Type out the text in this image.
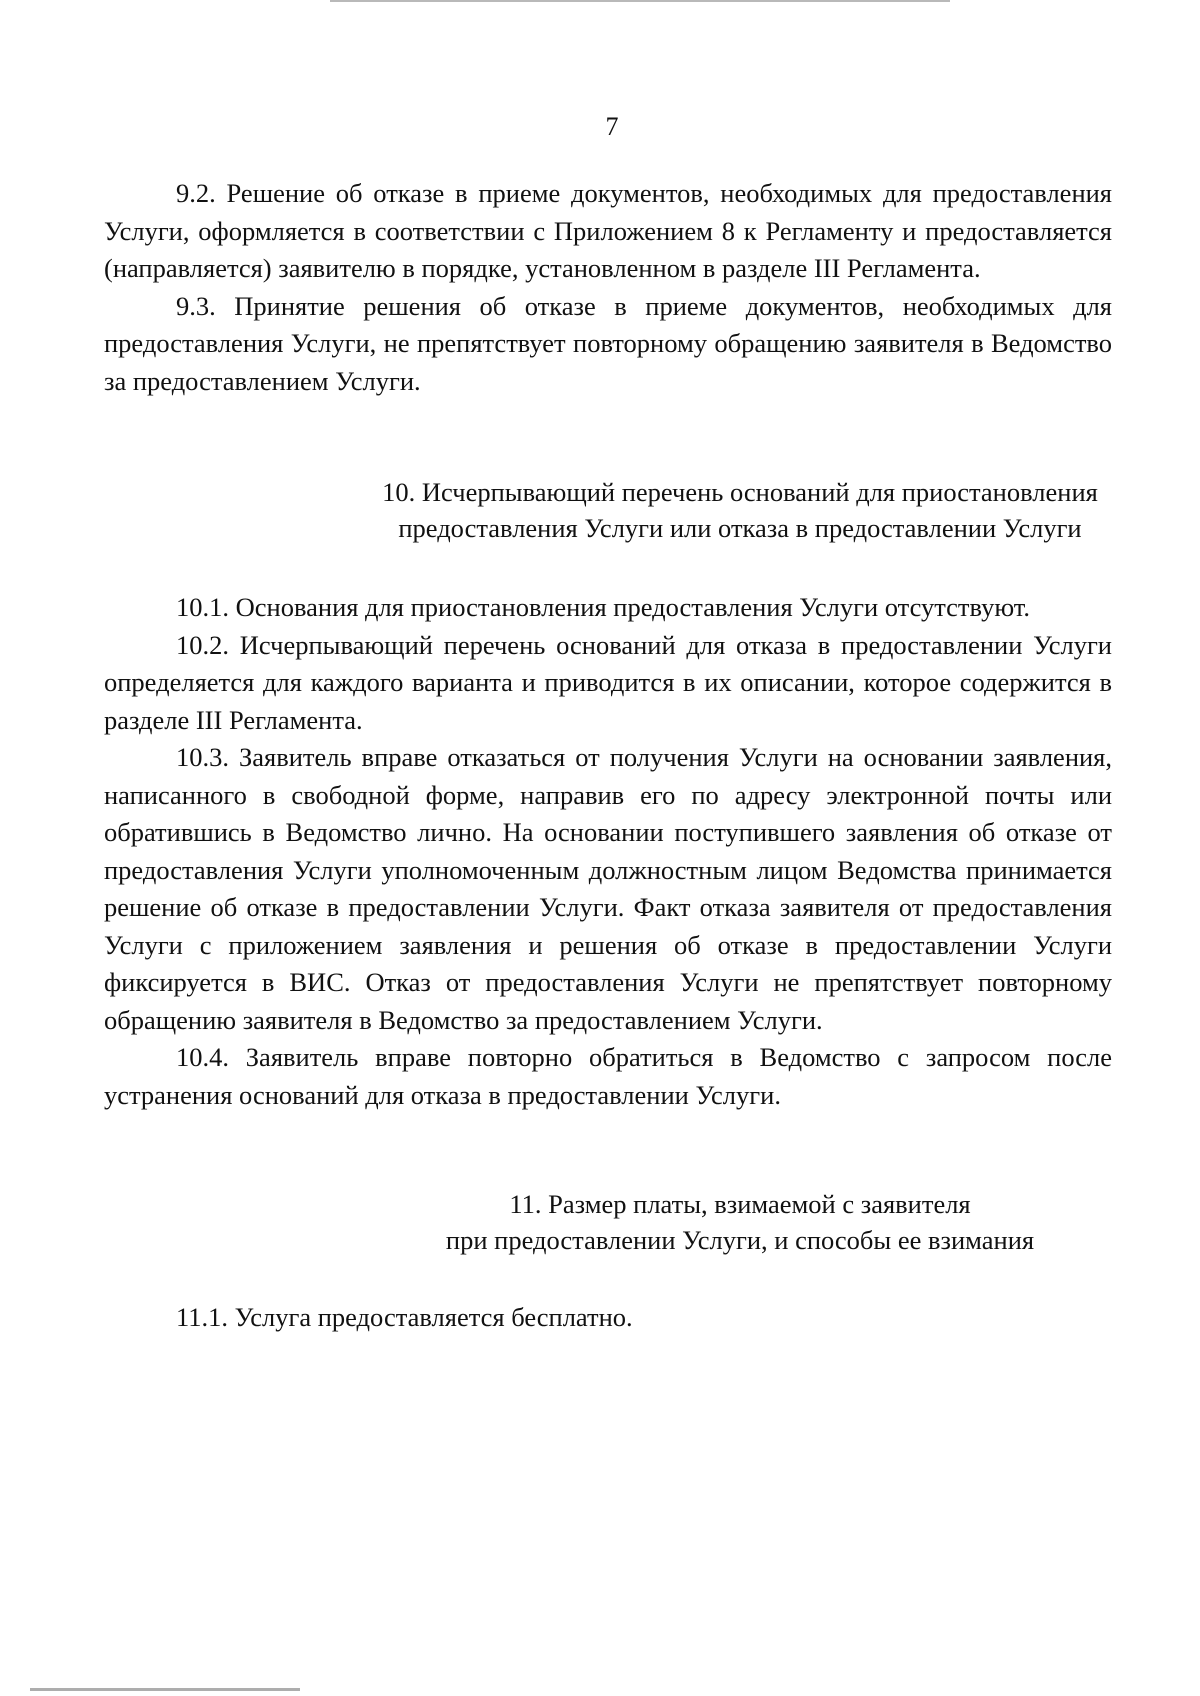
7

9.2. Решение об отказе в приеме документов, необходимых для предоставления Услуги, оформляется в соответствии с Приложением 8 к Регламенту и предоставляется (направляется) заявителю в порядке, установленном в разделе III Регламента.

9.3. Принятие решения об отказе в приеме документов, необходимых для предоставления Услуги, не препятствует повторному обращению заявителя в Ведомство за предоставлением Услуги.

10. Исчерпывающий перечень оснований для приостановления
предоставления Услуги или отказа в предоставлении Услуги

10.1. Основания для приостановления предоставления Услуги отсутствуют.

10.2. Исчерпывающий перечень оснований для отказа в предоставлении Услуги определяется для каждого варианта и приводится в их описании, которое содержится в разделе III Регламента.

10.3. Заявитель вправе отказаться от получения Услуги на основании заявления, написанного в свободной форме, направив его по адресу электронной почты или обратившись в Ведомство лично. На основании поступившего заявления об отказе от предоставления Услуги уполномоченным должностным лицом Ведомства принимается решение об отказе в предоставлении Услуги. Факт отказа заявителя от предоставления Услуги с приложением заявления и решения об отказе в предоставлении Услуги фиксируется в ВИС. Отказ от предоставления Услуги не препятствует повторному обращению заявителя в Ведомство за предоставлением Услуги.

10.4. Заявитель вправе повторно обратиться в Ведомство с запросом после устранения оснований для отказа в предоставлении Услуги.

11. Размер платы, взимаемой с заявителя
при предоставлении Услуги, и способы ее взимания

11.1. Услуга предоставляется бесплатно.
